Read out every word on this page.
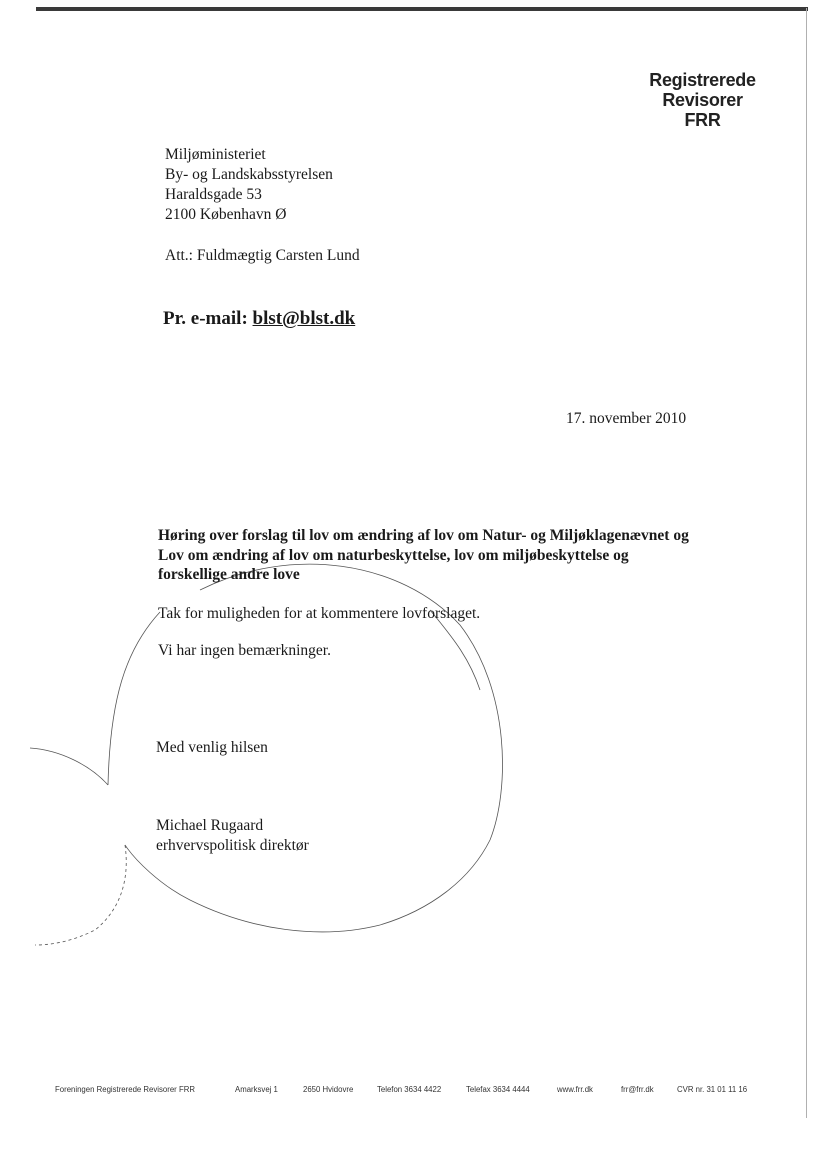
Registrerede
Revisorer
FRR
Miljøministeriet
By- og Landskabsstyrelsen
Haraldsgade 53
2100 København Ø
Att.: Fuldmægtig Carsten Lund
Pr. e-mail: blst@blst.dk
17. november 2010
Høring over forslag til lov om ændring af lov om Natur- og Miljøklagenævnet og Lov om ændring af lov om naturbeskyttelse, lov om miljøbeskyttelse og forskellige andre love
Tak for muligheden for at kommentere lovforslaget.
Vi har ingen bemærkninger.
Med venlig hilsen
Michael Rugaard
erhvervspolitisk direktør
Foreningen Registrerede Revisorer FRR	Amarksvej 1	2650 Hvidovre	Telefon 3634 4422	Telefax 3634 4444	www.frr.dk	frr@frr.dk	CVR nr. 31 01 11 16
